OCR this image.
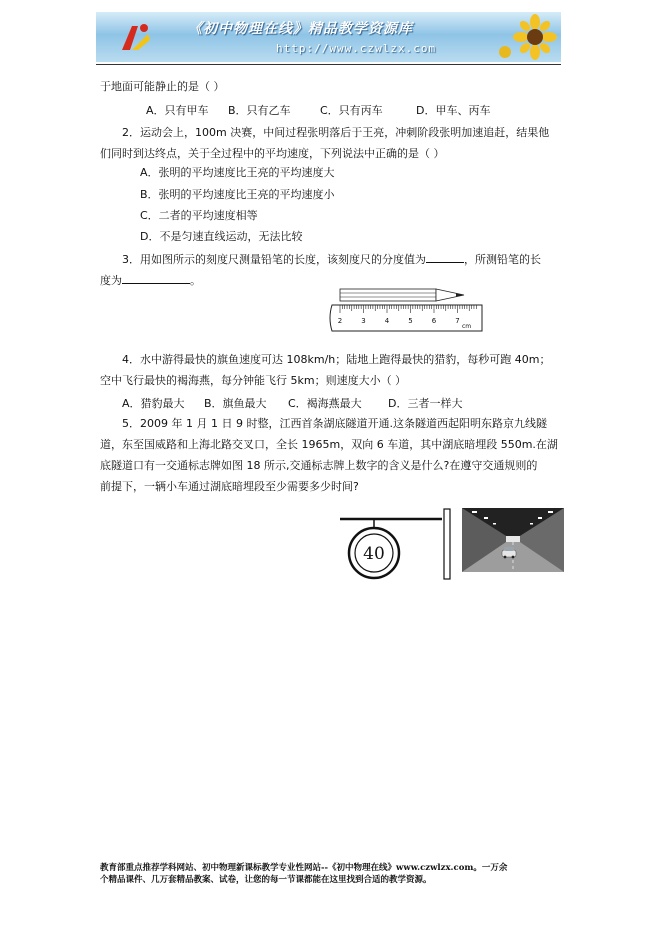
《初中物理在线》精品教学资源库
http://www.czwlzx.com
于地面可能静止的是（ ）
A．只有甲车 B．只有乙车	C．只有丙车	D．甲车、丙车
2．运动会上，100m 决赛，中间过程张明落后于王亮，冲刺阶段张明加速追赶，结果他
们同时到达终点，关于全过程中的平均速度，下列说法中正确的是（ ）
A．张明的平均速度比王亮的平均速度大
B．张明的平均速度比王亮的平均速度小
C．二者的平均速度相等
D．不是匀速直线运动，无法比较
3．用如图所示的刻度尺测量铅笔的长度，该刻度尺的分度值为	，所测铅笔的长
度为	。
2	3	4	5	6	7
cm
4．水中游得最快的旗鱼速度可达 108km/h；陆地上跑得最快的猎豹，每秒可跑 40m；
空中飞行最快的褐海燕，每分钟能飞行 5km；则速度大小（ ）
A．猎豹最大 B．旗鱼最大 C．褐海燕最大 D．三者一样大
5．2009 年 1 月 1 日 9 时整，江西首条湖底隧道开通.这条隧道西起阳明东路京九线隧
道，东至国威路和上海北路交叉口，全长 1965m，双向 6 车道，其中湖底暗埋段 550m.在湖
底隧道口有一交通标志牌如图 18 所示,交通标志牌上数字的含义是什么?在遵守交通规则的
前提下，一辆小车通过湖底暗埋段至少需要多少时间?
40
教育部重点推荐学科网站、初中物理新课标教学专业性网站--《初中物理在线》www.czwlzx.com。一万余
个精品课件、几万套精品教案、试卷，让您的每一节课都能在这里找到合适的教学资源。
